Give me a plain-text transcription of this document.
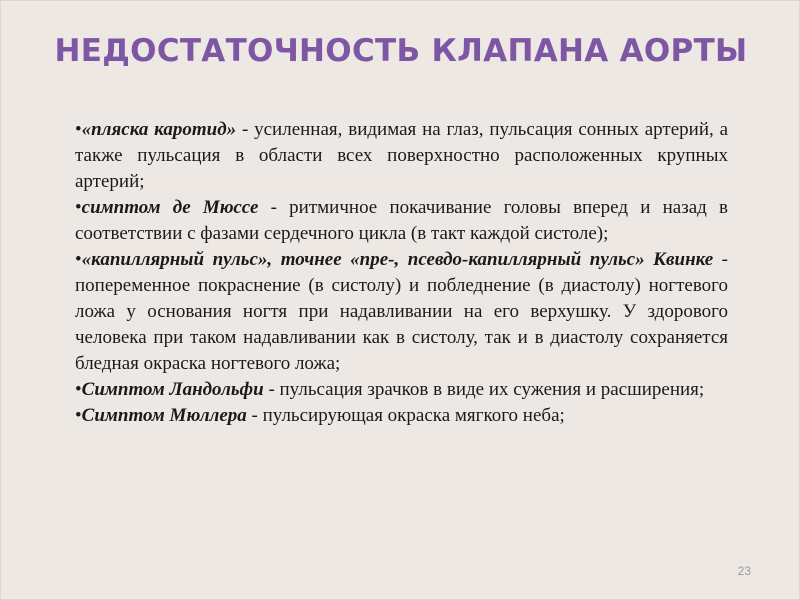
НЕДОСТАТОЧНОСТЬ КЛАПАНА АОРТЫ
•«пляска каротид» - усиленная, видимая на глаз, пульсация сонных артерий, а также пульсация в области всех поверхностно расположенных крупных артерий;
•симптом де Мюссе - ритмичное покачивание головы вперед и назад в соответствии с фазами сердечного цикла (в такт каждой систоле);
•«капиллярный пульс», точнее «пре-, псевдо-капиллярный пульс» Квинке - попеременное покраснение (в систолу) и побледнение (в диастолу) ногтевого ложа у основания ногтя при надавливании на его верхушку. У здорового человека при таком надавливании как в систолу, так и в диастолу сохраняется бледная окраска ногтевого ложа;
•Симптом Ландольфи - пульсация зрачков в виде их сужения и расширения;
•Симптом Мюллера - пульсирующая окраска мягкого неба;
23
